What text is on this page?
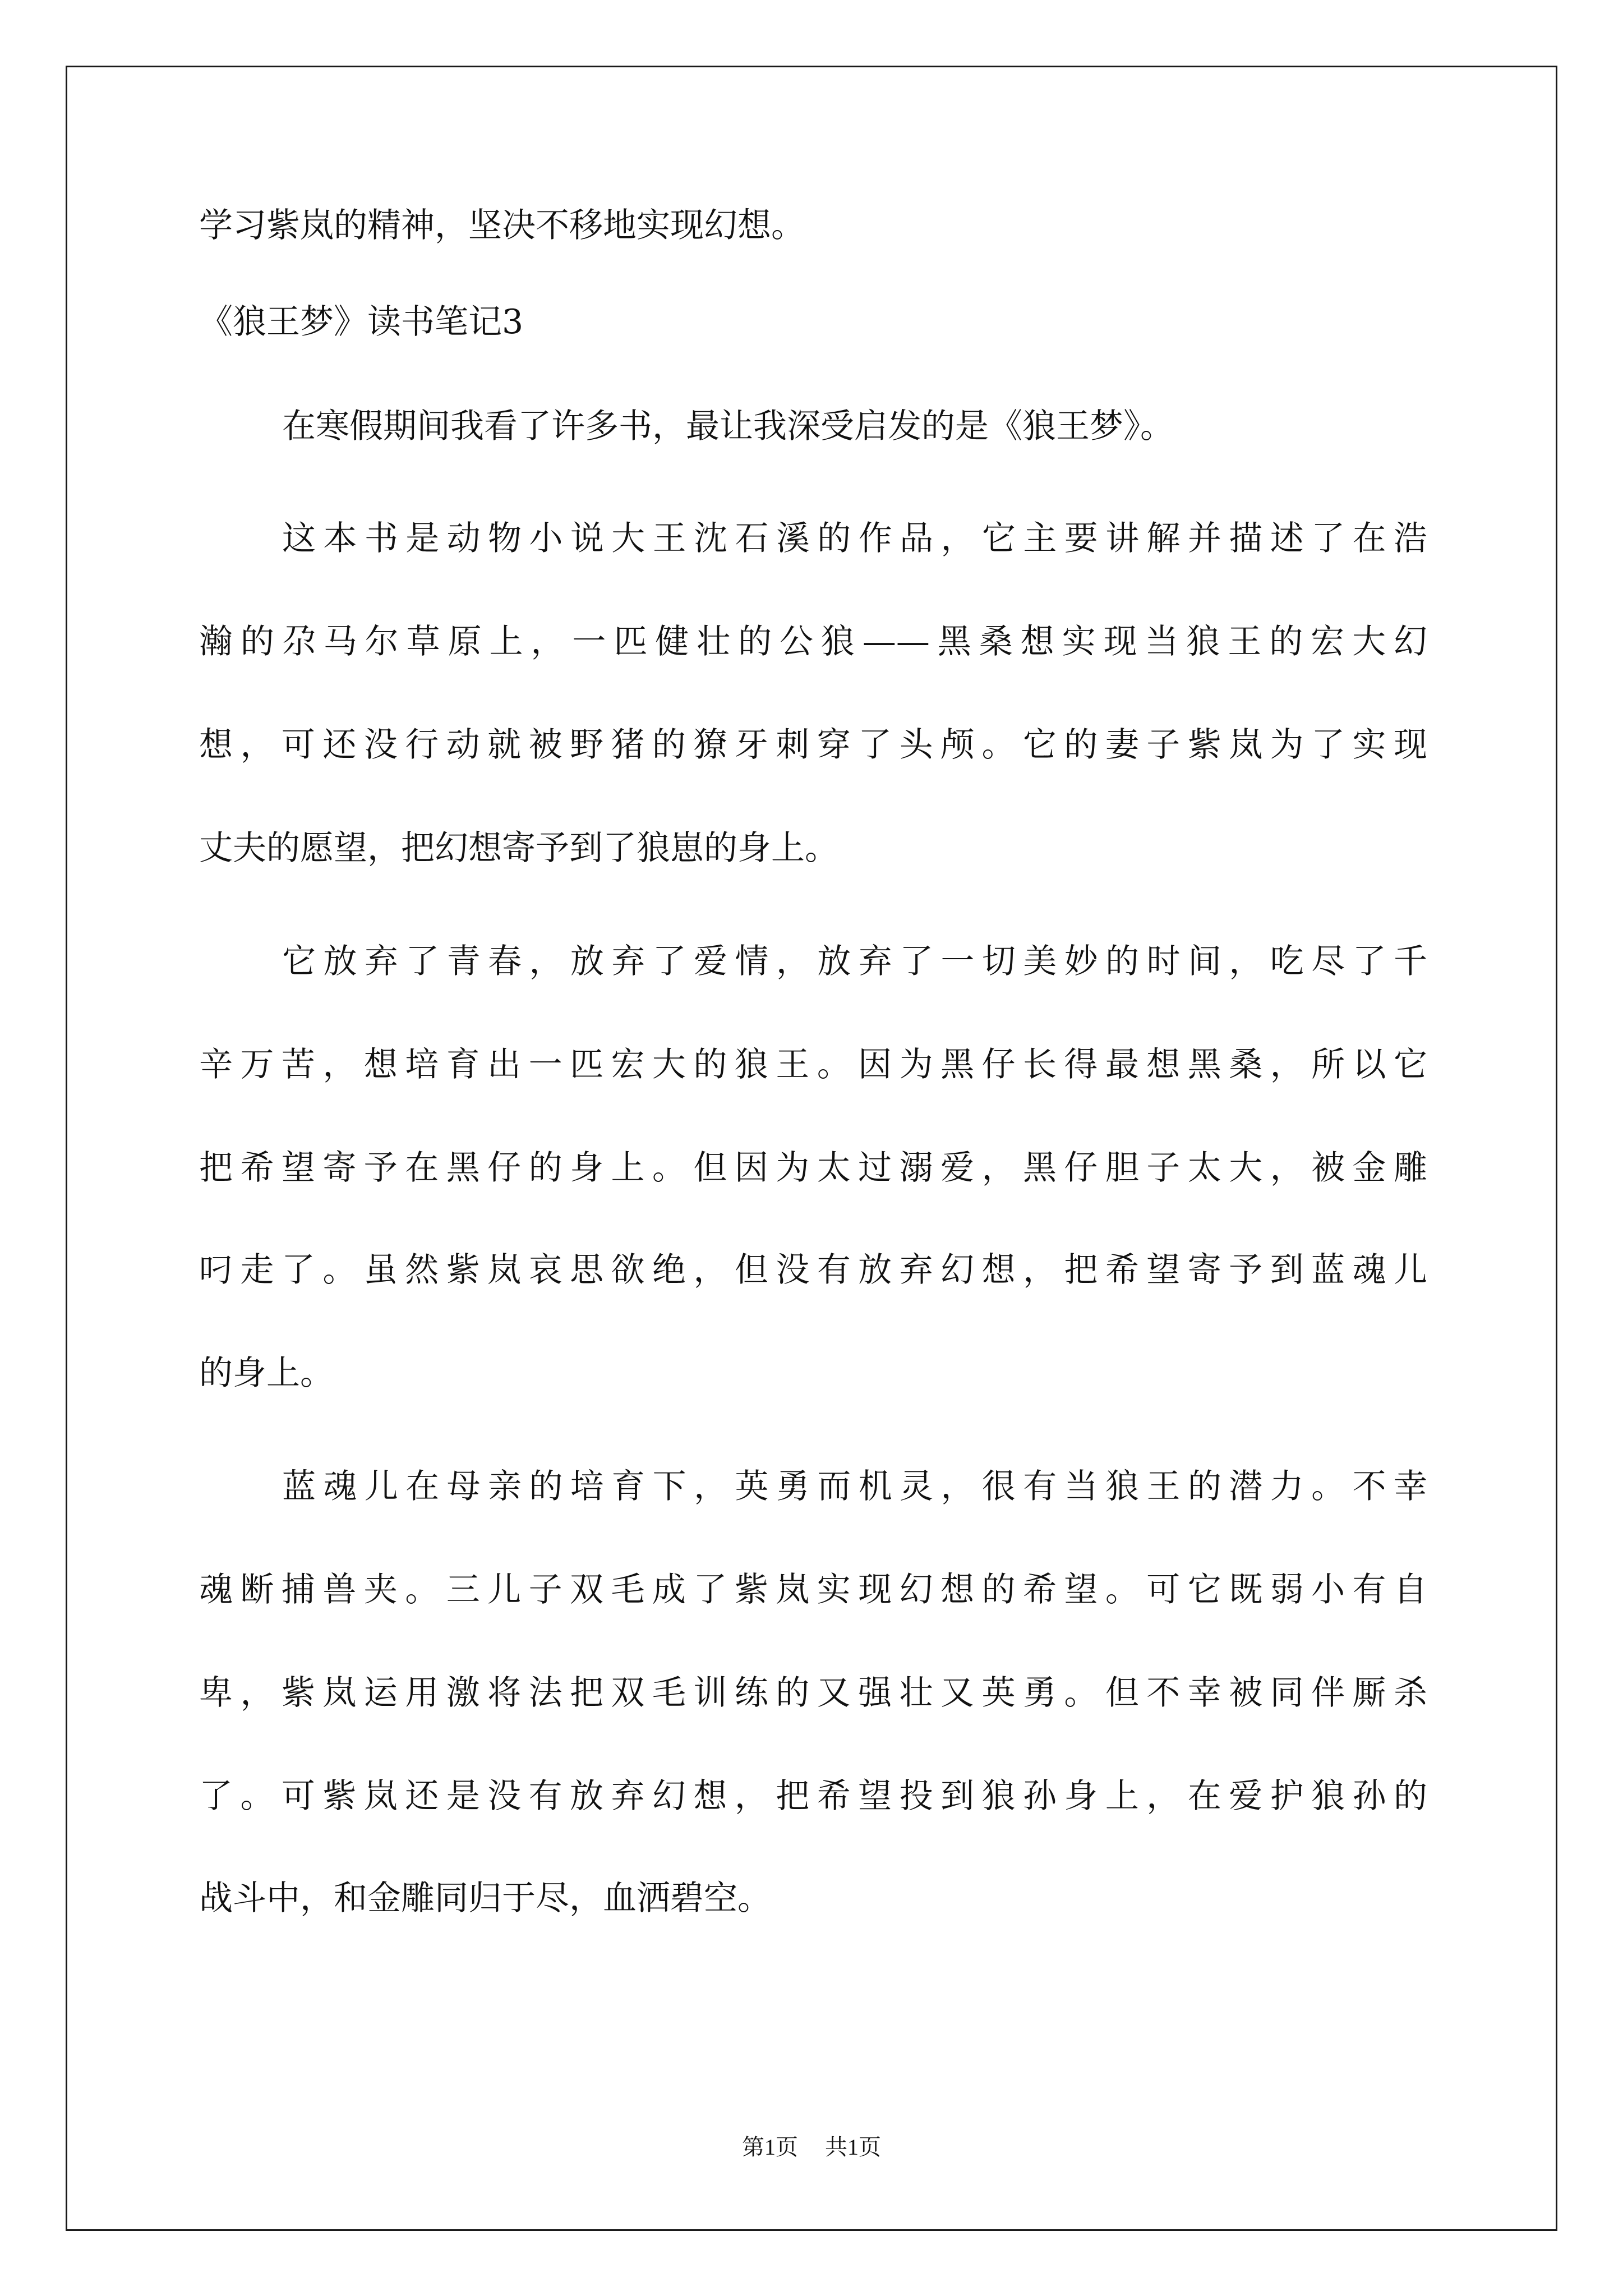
学习紫岚的精神，坚决不移地实现幻想。

《狼王梦》读书笔记3

在寒假期间我看了许多书，最让我深受启发的是《狼王梦》。

这本书是动物小说大王沈石溪的作品，它主要讲解并描述了在浩

瀚的尕马尔草原上，一匹健壮的公狼——黑桑想实现当狼王的宏大幻

想，可还没行动就被野猪的獠牙刺穿了头颅。它的妻子紫岚为了实现

丈夫的愿望，把幻想寄予到了狼崽的身上。

它放弃了青春，放弃了爱情，放弃了一切美妙的时间，吃尽了千

辛万苦，想培育出一匹宏大的狼王。因为黑仔长得最想黑桑，所以它

把希望寄予在黑仔的身上。但因为太过溺爱，黑仔胆子太大，被金雕

叼走了。虽然紫岚哀思欲绝，但没有放弃幻想，把希望寄予到蓝魂儿

的身上。

蓝魂儿在母亲的培育下，英勇而机灵，很有当狼王的潜力。不幸

魂断捕兽夹。三儿子双毛成了紫岚实现幻想的希望。可它既弱小有自

卑，紫岚运用激将法把双毛训练的又强壮又英勇。但不幸被同伴厮杀

了。可紫岚还是没有放弃幻想，把希望投到狼孙身上，在爱护狼孙的

战斗中，和金雕同归于尽，血洒碧空。

第1页 共1页
